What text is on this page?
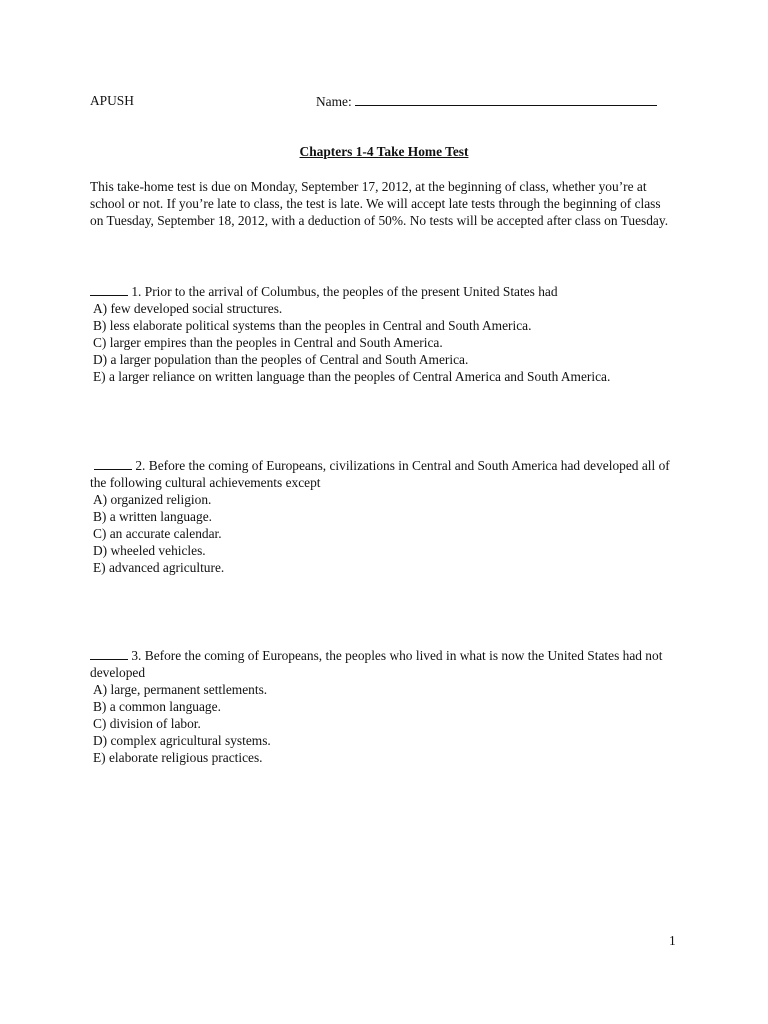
APUSH	Name:
Chapters 1-4 Take Home Test
This take-home test is due on Monday, September 17, 2012, at the beginning of class, whether you’re at school or not. If you’re late to class, the test is late. We will accept late tests through the beginning of class on Tuesday, September 18, 2012, with a deduction of 50%. No tests will be accepted after class on Tuesday.
1. Prior to the arrival of Columbus, the peoples of the present United States had
A) few developed social structures.
B) less elaborate political systems than the peoples in Central and South America.
C) larger empires than the peoples in Central and South America.
D) a larger population than the peoples of Central and South America.
E) a larger reliance on written language than the peoples of Central America and South America.
2. Before the coming of Europeans, civilizations in Central and South America had developed all of the following cultural achievements except
A) organized religion.
B) a written language.
C) an accurate calendar.
D) wheeled vehicles.
E) advanced agriculture.
3. Before the coming of Europeans, the peoples who lived in what is now the United States had not developed
A) large, permanent settlements.
B) a common language.
C) division of labor.
D) complex agricultural systems.
E) elaborate religious practices.
1
